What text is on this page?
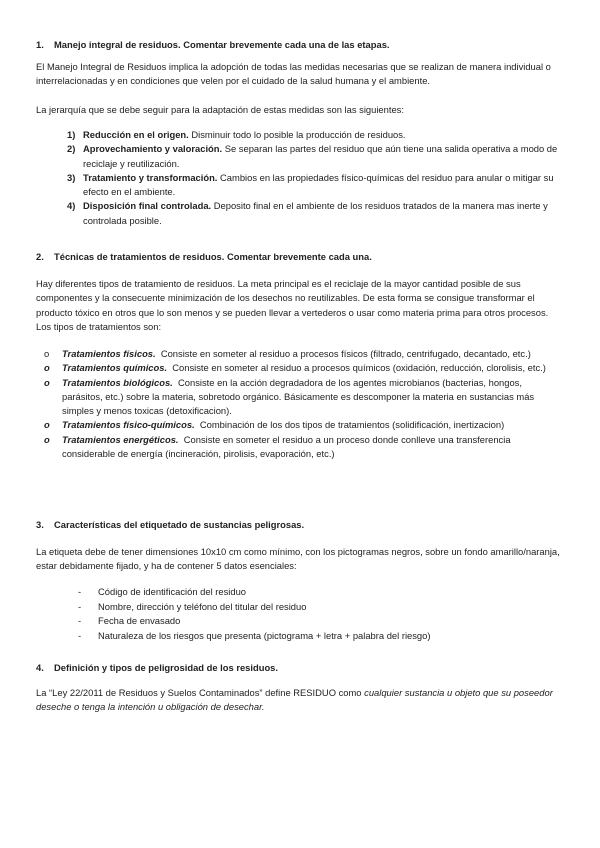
1. Manejo integral de residuos. Comentar brevemente cada una de las etapas.

El Manejo Integral de Residuos implica la adopción de todas las medidas necesarias que se realizan de manera individual o interrelacionadas y en condiciones que velen por el cuidado de la salud humana y el ambiente.

La jerarquía que se debe seguir para la adaptación de estas medidas son las siguientes:

1) Reducción en el origen. Disminuir todo lo posible la producción de residuos.
2) Aprovechamiento y valoración. Se separan las partes del residuo que aún tiene una salida operativa a modo de reciclaje y reutilización.
3) Tratamiento y transformación. Cambios en las propiedades físico-químicas del residuo para anular o mitigar su efecto en el ambiente.
4) Disposición final controlada. Deposito final en el ambiente de los residuos tratados de la manera mas inerte y controlada posible.
2. Técnicas de tratamientos de residuos. Comentar brevemente cada una.

Hay diferentes tipos de tratamiento de residuos. La meta principal es el reciclaje de la mayor cantidad posible de sus componentes y la consecuente minimización de los desechos no reutilizables. De esta forma se consigue transformar el producto tóxico en otros que lo son menos y se pueden llevar a vertederos o usar como materia prima para otros procesos. Los tipos de tratamientos son:

o Tratamientos físicos. Consiste en someter al residuo a procesos físicos (filtrado, centrifugado, decantado, etc.)
o Tratamientos químicos. Consiste en someter al residuo a procesos químicos (oxidación, reducción, clorolisis, etc.)
o Tratamientos biológicos. Consiste en la acción degradadora de los agentes microbianos (bacterias, hongos, parásitos, etc.) sobre la materia, sobretodo orgánico. Básicamente es descomponer la materia en sustancias más simples y menos toxicas (detoxificacion).
o Tratamientos físico-químicos. Combinación de los dos tipos de tratamientos (solidificación, inertizacion)
o Tratamientos energéticos. Consiste en someter el residuo a un proceso donde conlleve una transferencia considerable de energía (incineración, pirolisis, evaporación, etc.)
3. Características del etiquetado de sustancias peligrosas.

La etiqueta debe de tener dimensiones 10x10 cm como mínimo, con los pictogramas negros, sobre un fondo amarillo/naranja, estar debidamente fijado, y ha de contener 5 datos esenciales:

- Código de identificación del residuo
- Nombre, dirección y teléfono del titular del residuo
- Fecha de envasado
- Naturaleza de los riesgos que presenta (pictograma + letra + palabra del riesgo)
4. Definición y tipos de peligrosidad de los residuos.

La “Ley 22/2011 de Residuos y Suelos Contaminados” define RESIDUO como cualquier sustancia u objeto que su poseedor deseche o tenga la intención u obligación de desechar.
